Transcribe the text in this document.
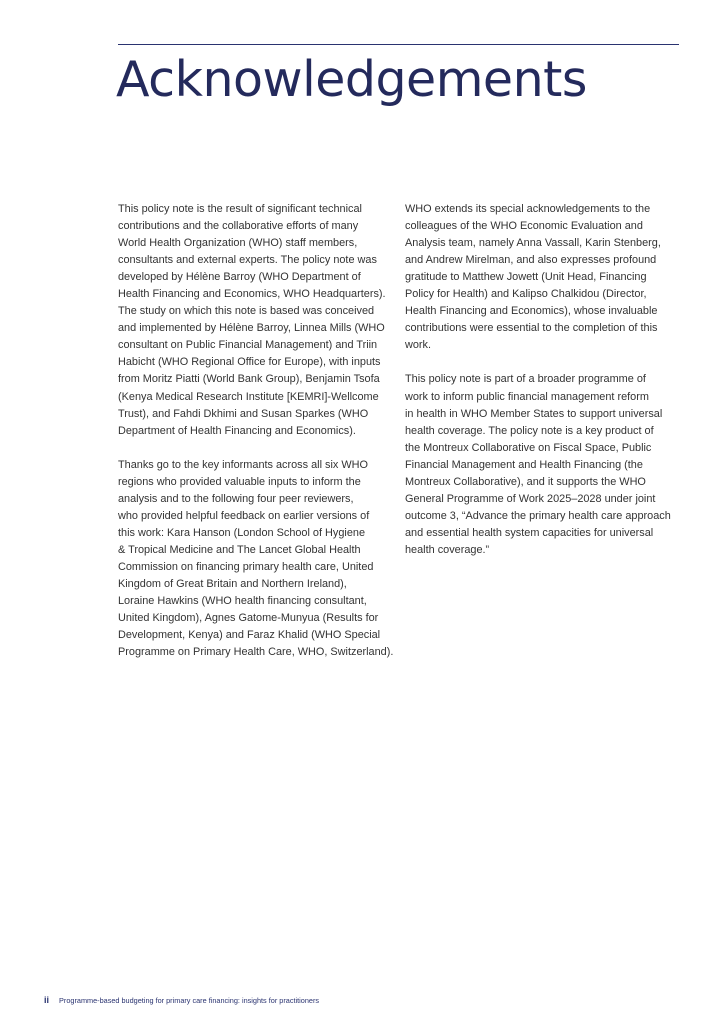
Acknowledgements

This policy note is the result of significant technical
contributions and the collaborative efforts of many
World Health Organization (WHO) staff members,
consultants and external experts. The policy note was
developed by Hélène Barroy (WHO Department of
Health Financing and Economics, WHO Headquarters).
The study on which this note is based was conceived
and implemented by Hélène Barroy, Linnea Mills (WHO
consultant on Public Financial Management) and Triin
Habicht (WHO Regional Office for Europe), with inputs
from Moritz Piatti (World Bank Group), Benjamin Tsofa
(Kenya Medical Research Institute [KEMRI]-Wellcome
Trust), and Fahdi Dkhimi and Susan Sparkes (WHO
Department of Health Financing and Economics).

Thanks go to the key informants across all six WHO
regions who provided valuable inputs to inform the
analysis and to the following four peer reviewers,
who provided helpful feedback on earlier versions of
this work: Kara Hanson (London School of Hygiene
& Tropical Medicine and The Lancet Global Health
Commission on financing primary health care, United
Kingdom of Great Britain and Northern Ireland),
Loraine Hawkins (WHO health financing consultant,
United Kingdom), Agnes Gatome-Munyua (Results for
Development, Kenya) and Faraz Khalid (WHO Special
Programme on Primary Health Care, WHO, Switzerland).

WHO extends its special acknowledgements to the
colleagues of the WHO Economic Evaluation and
Analysis team, namely Anna Vassall, Karin Stenberg,
and Andrew Mirelman, and also expresses profound
gratitude to Matthew Jowett (Unit Head, Financing
Policy for Health) and Kalipso Chalkidou (Director,
Health Financing and Economics), whose invaluable
contributions were essential to the completion of this
work.

This policy note is part of a broader programme of
work to inform public financial management reform
in health in WHO Member States to support universal
health coverage. The policy note is a key product of
the Montreux Collaborative on Fiscal Space, Public
Financial Management and Health Financing (the
Montreux Collaborative), and it supports the WHO
General Programme of Work 2025–2028 under joint
outcome 3, “Advance the primary health care approach
and essential health system capacities for universal
health coverage.”

ii Programme-based budgeting for primary care financing: insights for practitioners
